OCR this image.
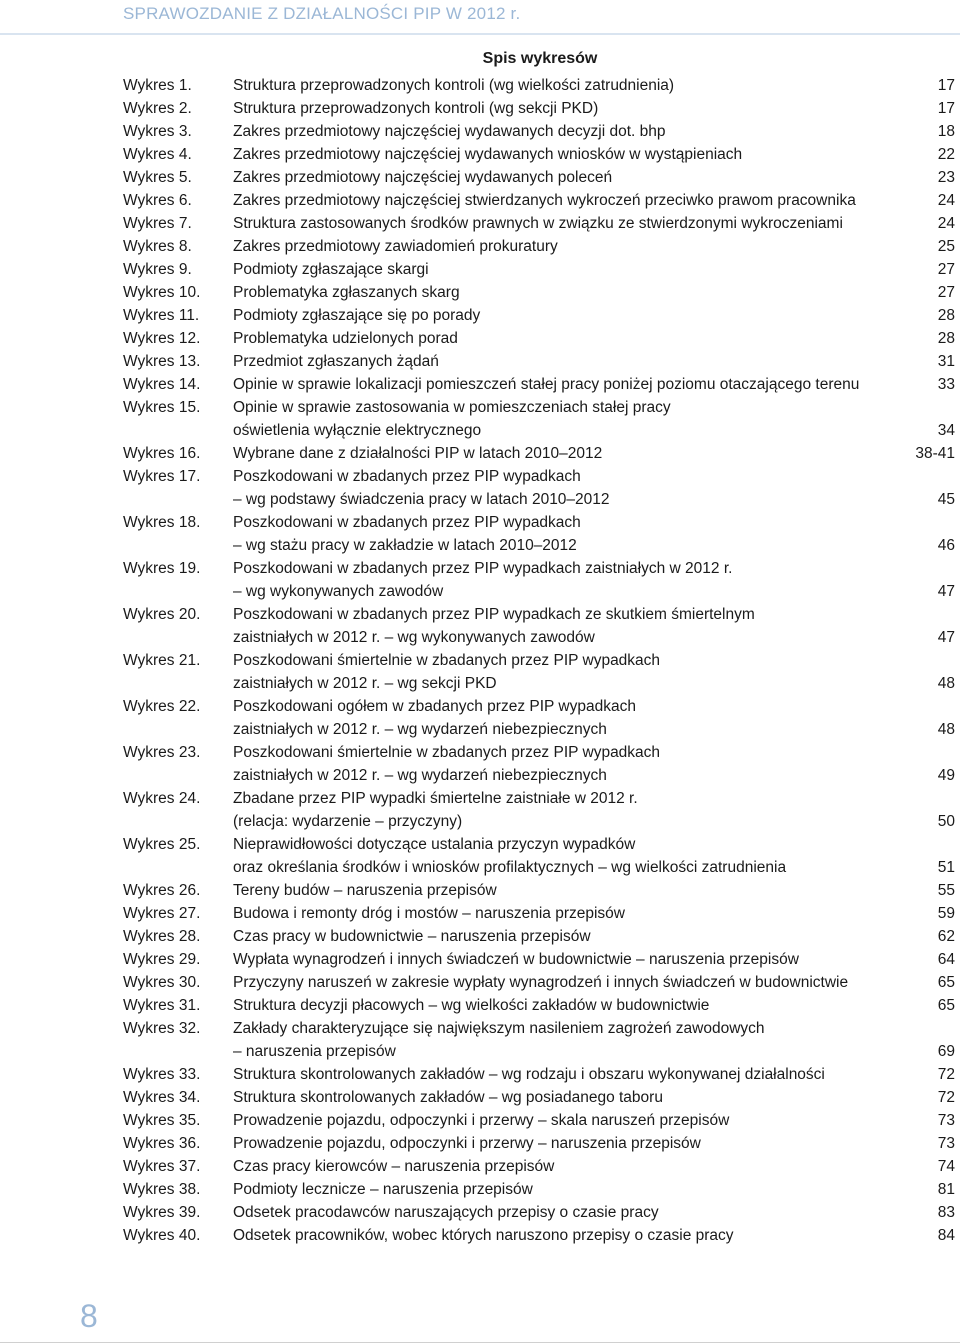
SPRAWOZDANIE Z DZIAŁALNOŚCI PIP W 2012 r.
Spis wykresów
Wykres 1.	Struktura przeprowadzonych kontroli (wg wielkości zatrudnienia)	17
Wykres 2.	Struktura przeprowadzonych kontroli (wg sekcji PKD)	17
Wykres 3.	Zakres przedmiotowy najczęściej wydawanych decyzji dot. bhp	18
Wykres 4.	Zakres przedmiotowy najczęściej wydawanych wniosków w wystąpieniach	22
Wykres 5.	Zakres przedmiotowy najczęściej wydawanych poleceń	23
Wykres 6.	Zakres przedmiotowy najczęściej stwierdzanych wykroczeń przeciwko prawom pracownika	24
Wykres 7.	Struktura zastosowanych środków prawnych w związku ze stwierdzonymi wykroczeniami	24
Wykres 8.	Zakres przedmiotowy zawiadomień prokuratury	25
Wykres 9.	Podmioty zgłaszające skargi	27
Wykres 10. Problematyka zgłaszanych skarg	27
Wykres 11. Podmioty zgłaszające się po porady	28
Wykres 12. Problematyka udzielonych porad	28
Wykres 13. Przedmiot zgłaszanych żądań	31
Wykres 14. Opinie w sprawie lokalizacji pomieszczeń stałej pracy poniżej poziomu otaczającego terenu	33
Wykres 15. Opinie w sprawie zastosowania w pomieszczeniach stałej pracy
oświetlenia wyłącznie elektrycznego	34
Wykres 16. Wybrane dane z działalności PIP w latach 2010–2012	38-41
Wykres 17. Poszkodowani w zbadanych przez PIP wypadkach
– wg podstawy świadczenia pracy w latach 2010–2012	45
Wykres 18. Poszkodowani w zbadanych przez PIP wypadkach
– wg stażu pracy w zakładzie w latach 2010–2012	46
Wykres 19. Poszkodowani w zbadanych przez PIP wypadkach zaistniałych w 2012 r.
– wg wykonywanych zawodów	47
Wykres 20. Poszkodowani w zbadanych przez PIP wypadkach ze skutkiem śmiertelnym
zaistniałych w 2012 r. – wg wykonywanych zawodów	47
Wykres 21. Poszkodowani śmiertelnie w zbadanych przez PIP wypadkach
zaistniałych w 2012 r. – wg sekcji PKD	48
Wykres 22. Poszkodowani ogółem w zbadanych przez PIP wypadkach
zaistniałych w 2012 r. – wg wydarzeń niebezpiecznych	48
Wykres 23. Poszkodowani śmiertelnie w zbadanych przez PIP wypadkach
zaistniałych w 2012 r. – wg wydarzeń niebezpiecznych	49
Wykres 24. Zbadane przez PIP wypadki śmiertelne zaistniałe w 2012 r.
(relacja: wydarzenie – przyczyny)	50
Wykres 25. Nieprawidłowości dotyczące ustalania przyczyn wypadków
oraz określania środków i wniosków profilaktycznych – wg wielkości zatrudnienia	51
Wykres 26. Tereny budów – naruszenia przepisów	55
Wykres 27. Budowa i remonty dróg i mostów – naruszenia przepisów	59
Wykres 28. Czas pracy w budownictwie – naruszenia przepisów	62
Wykres 29. Wypłata wynagrodzeń i innych świadczeń w budownictwie – naruszenia przepisów	64
Wykres 30. Przyczyny naruszeń w zakresie wypłaty wynagrodzeń i innych świadczeń w budownictwie	65
Wykres 31. Struktura decyzji płacowych – wg wielkości zakładów w budownictwie	65
Wykres 32. Zakłady charakteryzujące się największym nasileniem zagrożeń zawodowych
– naruszenia przepisów	69
Wykres 33. Struktura skontrolowanych zakładów – wg rodzaju i obszaru wykonywanej działalności	72
Wykres 34. Struktura skontrolowanych zakładów – wg posiadanego taboru	72
Wykres 35. Prowadzenie pojazdu, odpoczynki i przerwy – skala naruszeń przepisów	73
Wykres 36. Prowadzenie pojazdu, odpoczynki i przerwy – naruszenia przepisów	73
Wykres 37. Czas pracy kierowców – naruszenia przepisów	74
Wykres 38. Podmioty lecznicze – naruszenia przepisów	81
Wykres 39. Odsetek pracodawców naruszających przepisy o czasie pracy	83
Wykres 40. Odsetek pracowników, wobec których naruszono przepisy o czasie pracy	84
8
